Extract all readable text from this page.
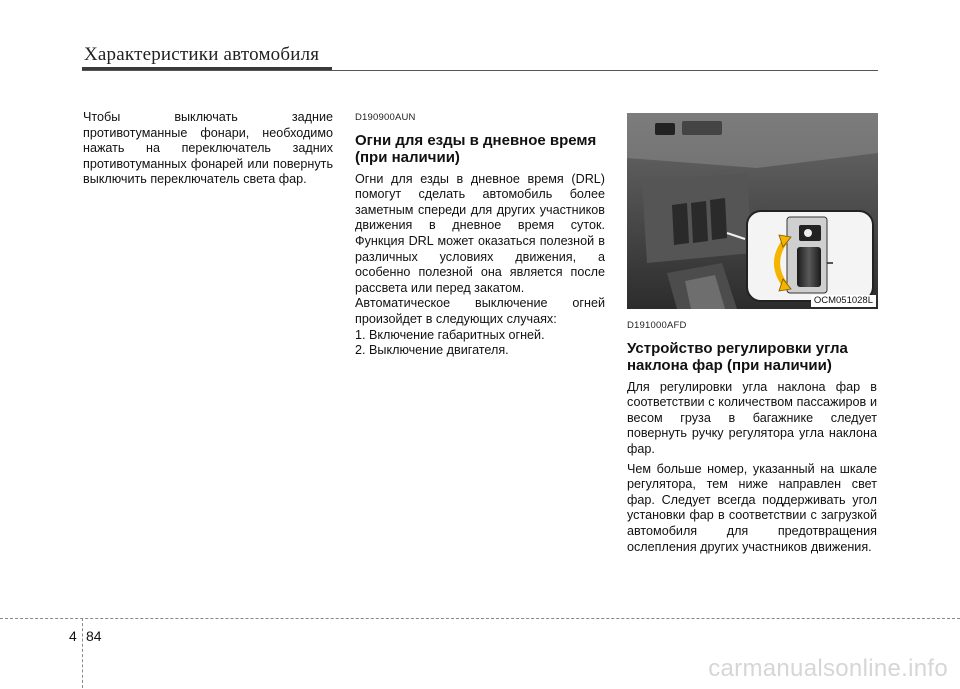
Характеристики автомобиля

Чтобы выключать задние противотуманные фонари, необходимо нажать на переключатель задних противотуманных фонарей или повернуть выключить переключатель света фар.

D190900AUN

Огни для езды в дневное время (при наличии)

Огни для езды в дневное время (DRL) помогут сделать автомобиль более заметным спереди для других участников движения в дневное время суток. Функция DRL может оказаться полезной в различных условиях движения, а особенно полезной она является после рассвета или перед закатом.

Автоматическое выключение огней произойдет в следующих случаях:

1. Включение габаритных огней.

2. Выключение двигателя.

OCM051028L

D191000AFD

Устройство регулировки угла наклона фар (при наличии)

Для регулировки угла наклона фар в соответствии с количеством пассажиров и весом груза в багажнике следует повернуть ручку регулятора угла наклона фар.

Чем больше номер, указанный на шкале регулятора, тем ниже направлен свет фар. Следует всегда поддерживать угол установки фар в соответствии с загрузкой автомобиля для предотвращения ослепления других участников движения.

4 84
carmanualsonline.info
